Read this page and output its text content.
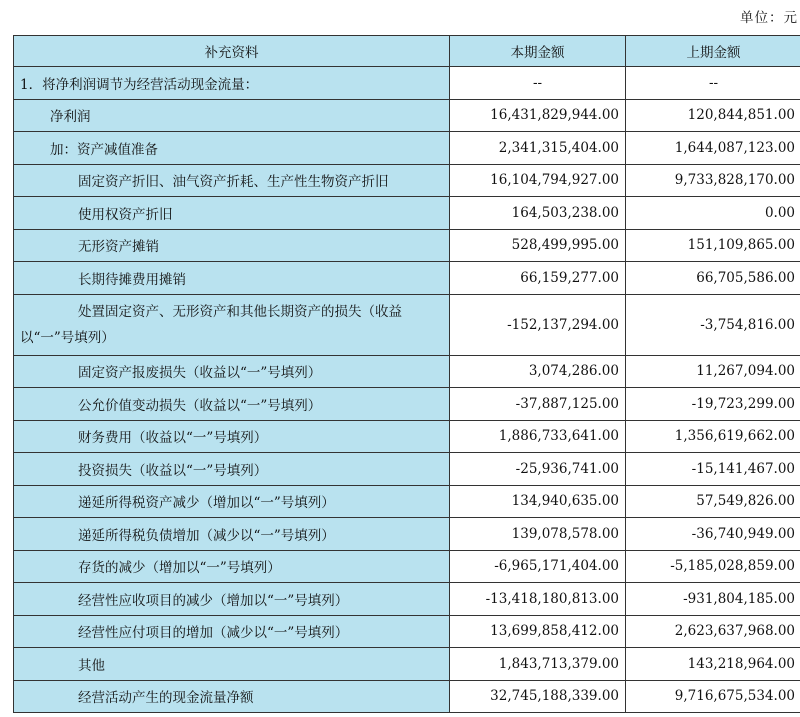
单位：元
补充资料	本期金额	上期金额
1．将净利润调节为经营活动现金流量：	--	--
净利润	16,431,829,944.00	120,844,851.00
加：资产减值准备	2,341,315,404.00	1,644,087,123.00
固定资产折旧、油气资产折耗、生产性生物资产折旧	16,104,794,927.00	9,733,828,170.00
使用权资产折旧	164,503,238.00	0.00
无形资产摊销	528,499,995.00	151,109,865.00
长期待摊费用摊销	66,159,277.00	66,705,586.00
处置固定资产、无形资产和其他长期资产的损失（收益以“一”号填列）	-152,137,294.00	-3,754,816.00
固定资产报废损失（收益以“一”号填列）	3,074,286.00	11,267,094.00
公允价值变动损失（收益以“一”号填列）	-37,887,125.00	-19,723,299.00
财务费用（收益以“一”号填列）	1,886,733,641.00	1,356,619,662.00
投资损失（收益以“一”号填列）	-25,936,741.00	-15,141,467.00
递延所得税资产减少（增加以“一”号填列）	134,940,635.00	57,549,826.00
递延所得税负债增加（减少以“一”号填列）	139,078,578.00	-36,740,949.00
存货的减少（增加以“一”号填列）	-6,965,171,404.00	-5,185,028,859.00
经营性应收项目的减少（增加以“一”号填列）	-13,418,180,813.00	-931,804,185.00
经营性应付项目的增加（减少以“一”号填列）	13,699,858,412.00	2,623,637,968.00
其他	1,843,713,379.00	143,218,964.00
经营活动产生的现金流量净额	32,745,188,339.00	9,716,675,534.00
